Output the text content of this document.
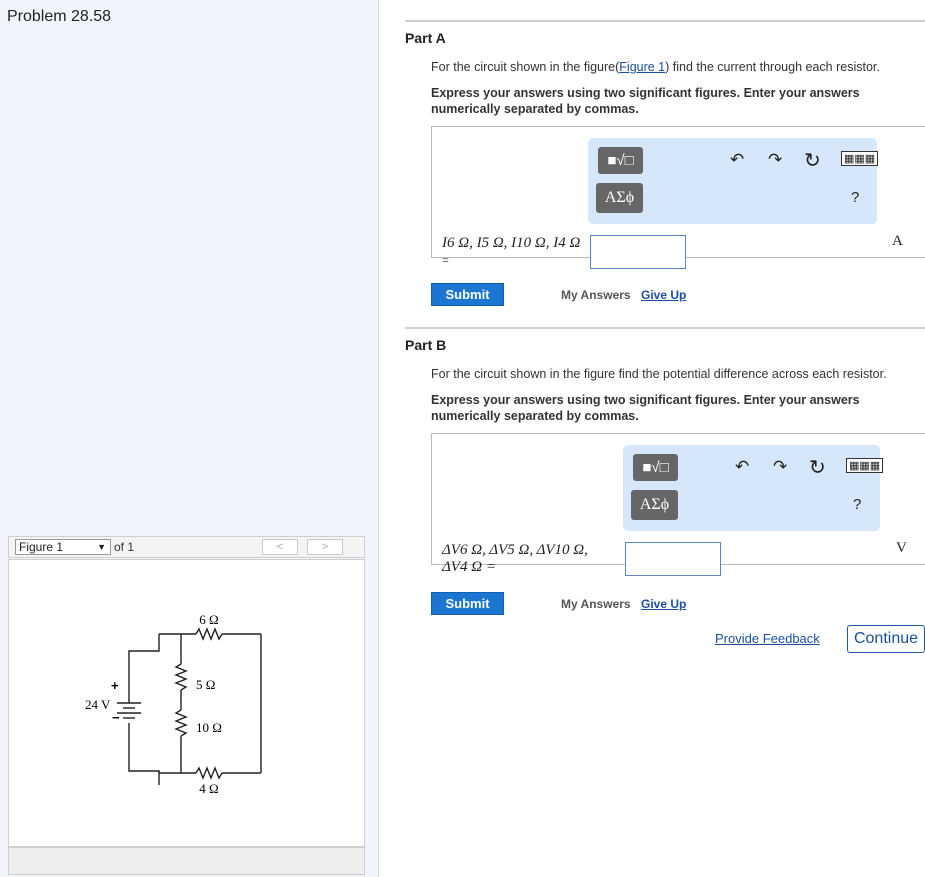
Problem 28.58
Figure 1	▼ of 1	<	>
6 Ω
5 Ω
10 Ω
4 Ω
24 V
+
−
Part A
For the circuit shown in the figure(Figure 1) find the current through each resistor.
Express your answers using two significant figures. Enter your answers numerically separated by commas.
■√□
ΑΣϕ
↶ ↷ ↻ ▦▦▦
?
I6 Ω, I5 Ω, I10 Ω, I4 Ω
=
A
Submit	My Answers Give Up
Part B
For the circuit shown in the figure find the potential difference across each resistor.
Express your answers using two significant figures. Enter your answers numerically separated by commas.
■√□
ΑΣϕ
↶ ↷ ↻ ▦▦▦
?
ΔV6 Ω, ΔV5 Ω, ΔV10 Ω,
ΔV4 Ω =
V
Submit	My Answers Give Up
Provide Feedback	Continue
